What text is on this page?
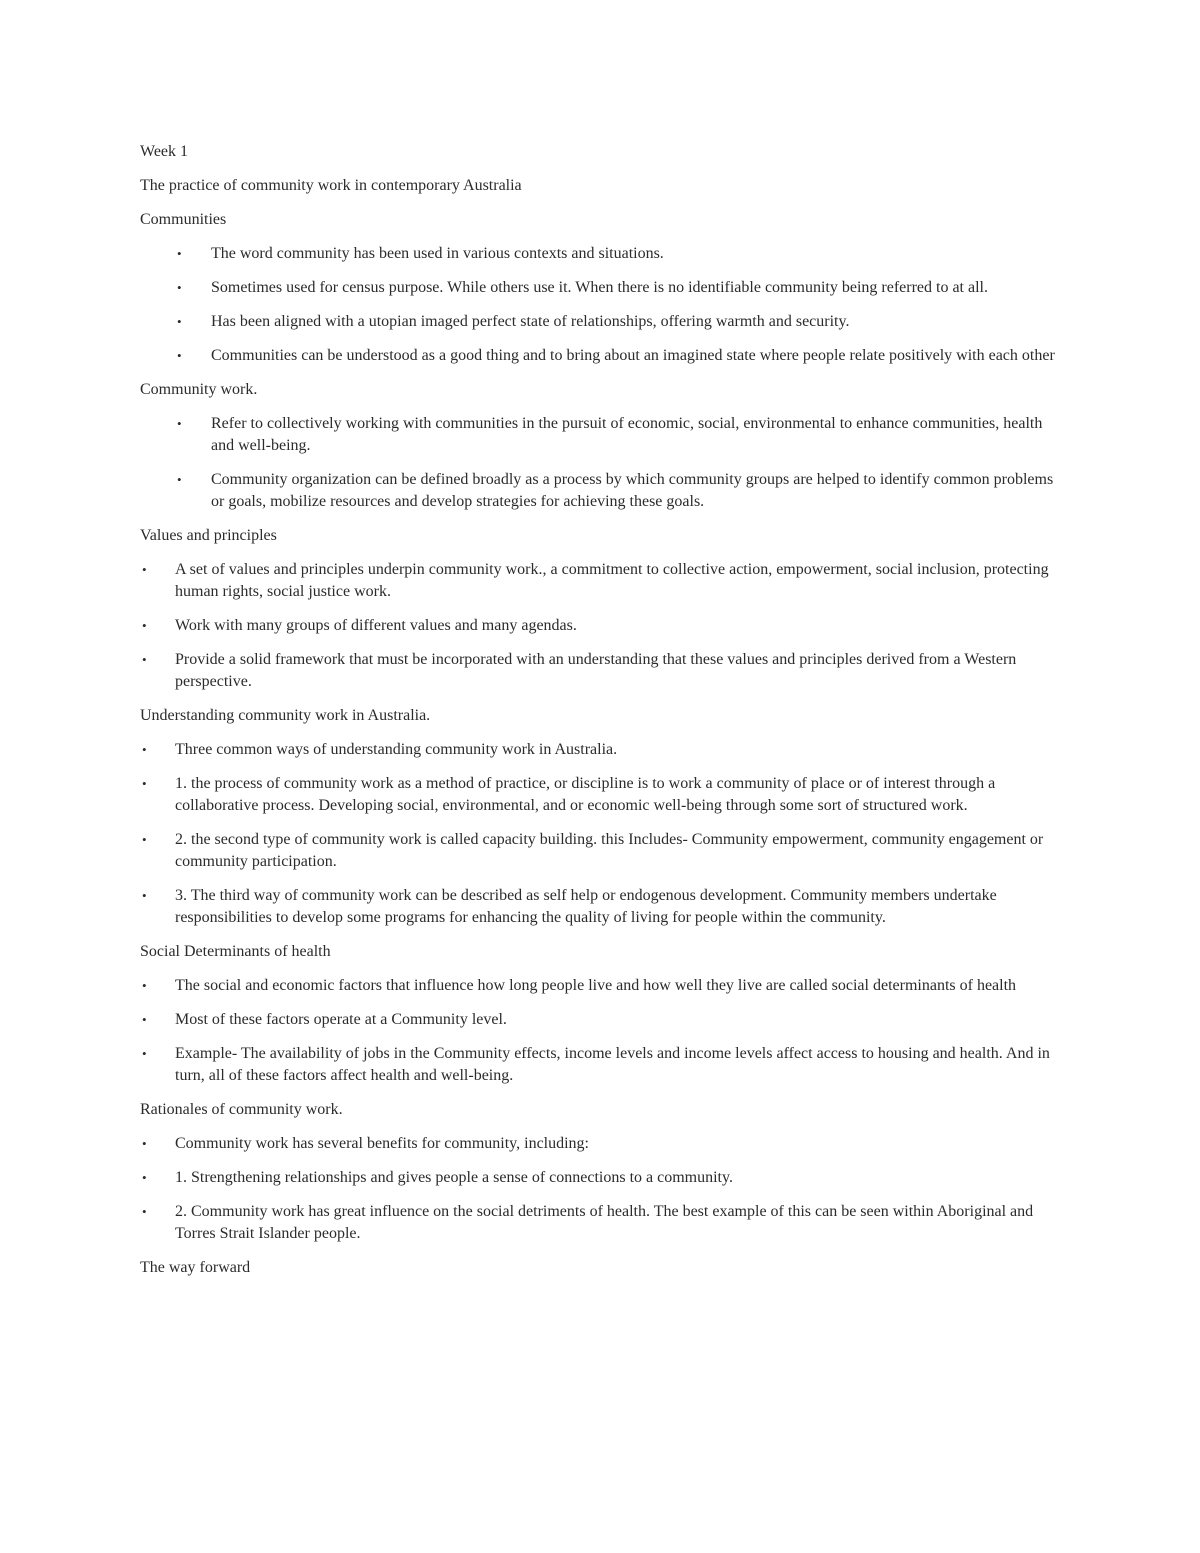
Week 1

The practice of community work in contemporary Australia

Communities

• The word community has been used in various contexts and situations.
• Sometimes used for census purpose. While others use it. When there is no identifiable community being referred to at all.
• Has been aligned with a utopian imaged perfect state of relationships, offering warmth and security.
• Communities can be understood as a good thing and to bring about an imagined state where people relate positively with each other

Community work.

• Refer to collectively working with communities in the pursuit of economic, social, environmental to enhance communities, health and well-being.
• Community organization can be defined broadly as a process by which community groups are helped to identify common problems or goals, mobilize resources and develop strategies for achieving these goals.

Values and principles

• A set of values and principles underpin community work., a commitment to collective action, empowerment, social inclusion, protecting human rights, social justice work.
• Work with many groups of different values and many agendas.
• Provide a solid framework that must be incorporated with an understanding that these values and principles derived from a Western perspective.

Understanding community work in Australia.

• Three common ways of understanding community work in Australia.
• 1. the process of community work as a method of practice, or discipline is to work a community of place or of interest through a collaborative process. Developing social, environmental, and or economic well-being through some sort of structured work.
• 2. the second type of community work is called capacity building. this Includes- Community empowerment, community engagement or community participation.
• 3. The third way of community work can be described as self help or endogenous development. Community members undertake responsibilities to develop some programs for enhancing the quality of living for people within the community.

Social Determinants of health

• The social and economic factors that influence how long people live and how well they live are called social determinants of health
• Most of these factors operate at a Community level.
• Example- The availability of jobs in the Community effects, income levels and income levels affect access to housing and health. And in turn, all of these factors affect health and well-being.

Rationales of community work.

• Community work has several benefits for community, including:
• 1. Strengthening relationships and gives people a sense of connections to a community.
• 2. Community work has great influence on the social detriments of health. The best example of this can be seen within Aboriginal and Torres Strait Islander people.

The way forward
